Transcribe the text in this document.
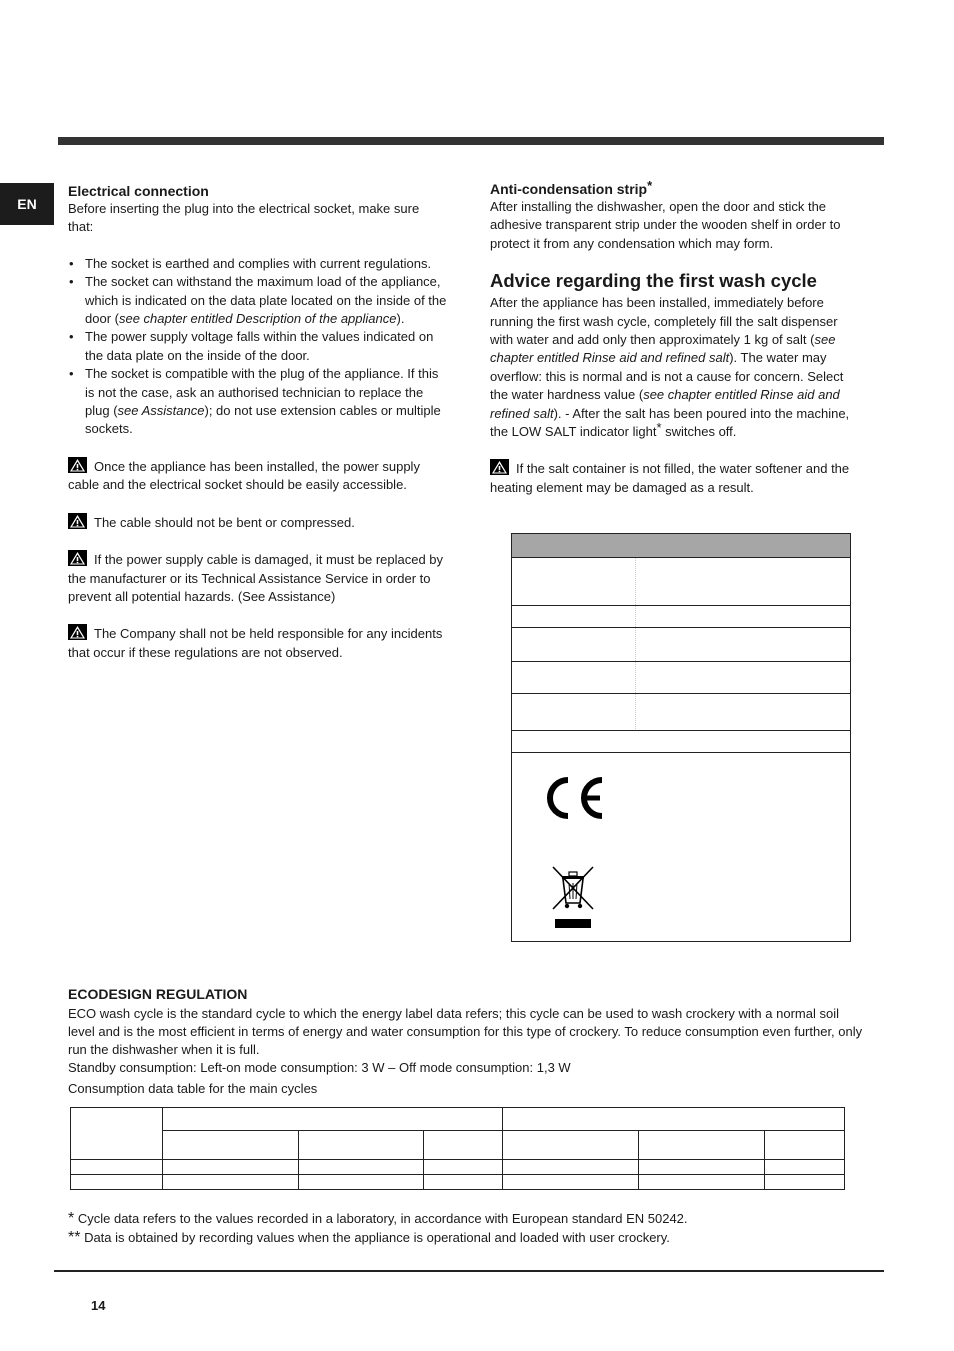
EN
Electrical connection

Before inserting the plug into the electrical socket, make sure that:

• The socket is earthed and complies with current regulations.
• The socket can withstand the maximum load of the appliance, which is indicated on the data plate located on the inside of the door (see chapter entitled Description of the appliance).
• The power supply voltage falls within the values indicated on the data plate on the inside of the door.
• The socket is compatible with the plug of the appliance. If this is not the case, ask an authorised technician to replace the plug (see Assistance); do not use extension cables or multiple sockets.

Once the appliance has been installed, the power supply cable and the electrical socket should be easily accessible.

The cable should not be bent or compressed.

If the power supply cable is damaged, it must be replaced by the manufacturer or its Technical Assistance Service in order to prevent all potential hazards. (See Assistance)

The Company shall not be held responsible for any incidents that occur if these regulations are not observed.

Anti-condensation strip*

After installing the dishwasher, open the door and stick the adhesive transparent strip under the wooden shelf in order to protect it from any condensation which may form.

Advice regarding the first wash cycle

After the appliance has been installed, immediately before running the first wash cycle, completely fill the salt dispenser with water and add only then approximately 1 kg of salt (see chapter entitled Rinse aid and refined salt). The water may overflow: this is normal and is not a cause for concern. Select the water hardness value (see chapter entitled Rinse aid and refined salt). - After the salt has been poured into the machine, the LOW SALT indicator light* switches off.

If the salt container is not filled, the water softener and the heating element may be damaged as a result.

ECODESIGN REGULATION

ECO wash cycle is the standard cycle to which the energy label data refers; this cycle can be used to wash crockery with a normal soil level and is the most efficient in terms of energy and water consumption for this type of crockery. To reduce consumption even further, only run the dishwasher when it is full.

Standby consumption: Left-on mode consumption: 3 W – Off mode consumption: 1,3 W

Consumption data table for the main cycles

* Cycle data refers to the values recorded in a laboratory, in accordance with European standard EN 50242.
** Data is obtained by recording values when the appliance is operational and loaded with user crockery.
14
